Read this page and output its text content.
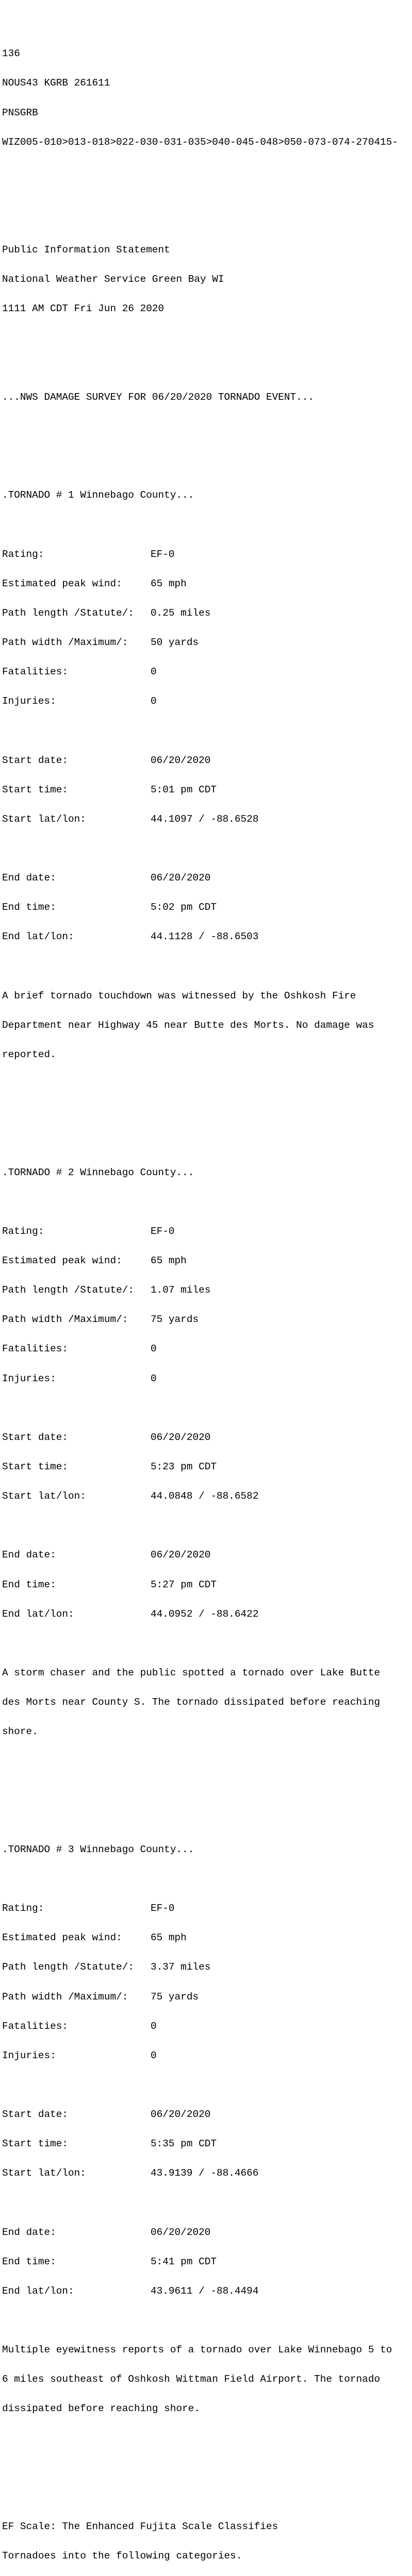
136

NOUS43 KGRB 261611

PNSGRB

WIZ005-010>013-018>022-030-031-035>040-045-048>050-073-074-270415-

Public Information Statement

National Weather Service Green Bay WI

1111 AM CDT Fri Jun 26 2020

...NWS DAMAGE SURVEY FOR 06/20/2020 TORNADO EVENT...

.TORNADO # 1 Winnebago County...

Rating:	EF-0

Estimated peak wind:	65 mph

Path length /Statute/: 0.25 miles

Path width /Maximum/: 50 yards

Fatalities:	0

Injuries:	0

Start date:	06/20/2020

Start time:	5:01 pm CDT

Start lat/lon:	44.1097 / -88.6528

End date:	06/20/2020

End time:	5:02 pm CDT

End lat/lon:	44.1128 / -88.6503

A brief tornado touchdown was witnessed by the Oshkosh Fire

Department near Highway 45 near Butte des Morts. No damage was

reported.

.TORNADO # 2 Winnebago County...

Rating:	EF-0

Estimated peak wind:	65 mph

Path length /Statute/: 1.07 miles

Path width /Maximum/: 75 yards

Fatalities:	0

Injuries:	0

Start date:	06/20/2020

Start time:	5:23 pm CDT

Start lat/lon:	44.0848 / -88.6582

End date:	06/20/2020

End time:	5:27 pm CDT

End lat/lon:	44.0952 / -88.6422

A storm chaser and the public spotted a tornado over Lake Butte

des Morts near County S. The tornado dissipated before reaching

shore.

.TORNADO # 3 Winnebago County...

Rating:	EF-0

Estimated peak wind:	65 mph

Path length /Statute/: 3.37 miles

Path width /Maximum/: 75 yards

Fatalities:	0

Injuries:	0

Start date:	06/20/2020

Start time:	5:35 pm CDT

Start lat/lon:	43.9139 / -88.4666

End date:	06/20/2020

End time:	5:41 pm CDT

End lat/lon:	43.9611 / -88.4494

Multiple eyewitness reports of a tornado over Lake Winnebago 5 to

6 miles southeast of Oshkosh Wittman Field Airport. The tornado

dissipated before reaching shore.

EF Scale: The Enhanced Fujita Scale Classifies

Tornadoes into the following categories.
